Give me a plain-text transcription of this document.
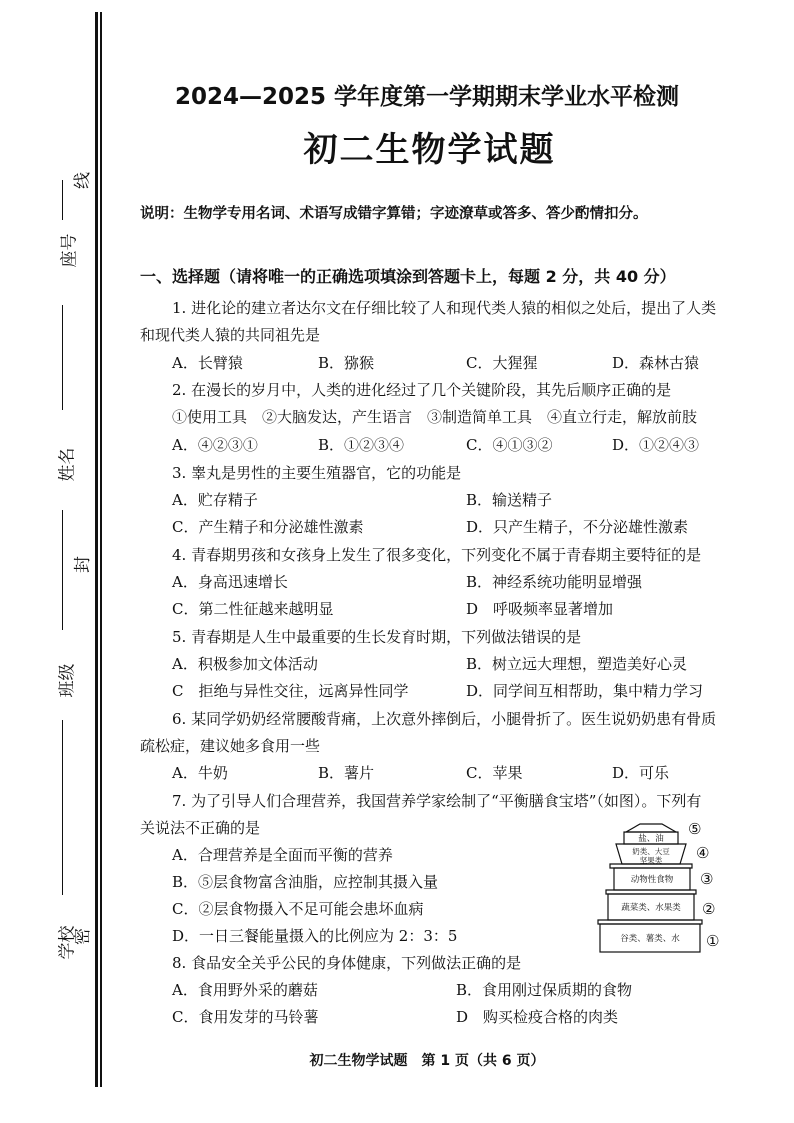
座号
线
姓名
封
班级
密
学校
2024—2025 学年度第一学期期末学业水平检测
初二生物学试题
说明：生物学专用名词、术语写成错字算错；字迹潦草或答多、答少酌情扣分。
一、选择题（请将唯一的正确选项填涂到答题卡上，每题 2 分，共 40 分）
1. 进化论的建立者达尔文在仔细比较了人和现代类人猿的相似之处后，提出了人类
和现代类人猿的共同祖先是
A．长臂猿	B．猕猴	C．大猩猩	D．森林古猿
2. 在漫长的岁月中，人类的进化经过了几个关键阶段，其先后顺序正确的是
①使用工具　②大脑发达，产生语言　③制造简单工具　④直立行走，解放前肢
A．④②③①	B．①②③④	C．④①③②	D．①②④③
3. 睾丸是男性的主要生殖器官，它的功能是
A．贮存精子	B．输送精子
C．产生精子和分泌雄性激素	D．只产生精子，不分泌雄性激素
4. 青春期男孩和女孩身上发生了很多变化，下列变化不属于青春期主要特征的是
A．身高迅速增长	B．神经系统功能明显增强
C．第二性征越来越明显	D　呼吸频率显著增加
5. 青春期是人生中最重要的生长发育时期，下列做法错误的是
A．积极参加文体活动	B．树立远大理想，塑造美好心灵
C　拒绝与异性交往，远离异性同学	D．同学间互相帮助，集中精力学习
6. 某同学奶奶经常腰酸背痛，上次意外摔倒后，小腿骨折了。医生说奶奶患有骨质
疏松症，建议她多食用一些
A．牛奶	B．薯片	C．苹果	D．可乐
7. 为了引导人们合理营养，我国营养学家绘制了“平衡膳食宝塔”（如图）。下列有
关说法不正确的是
A．合理营养是全面而平衡的营养
B．⑤层食物富含油脂，应控制其摄入量
C．②层食物摄入不足可能会患坏血病
D．一日三餐能量摄入的比例应为 2：3：5
盐、油
奶类、大豆坚果类
动物性食物
蔬菜类、水果类
谷类、薯类、水
⑤
④
③
②
①
8. 食品安全关乎公民的身体健康，下列做法正确的是
A．食用野外采的蘑菇	B．食用刚过保质期的食物
C．食用发芽的马铃薯	D　购买检疫合格的肉类
初二生物学试题　第 1 页（共 6 页）
